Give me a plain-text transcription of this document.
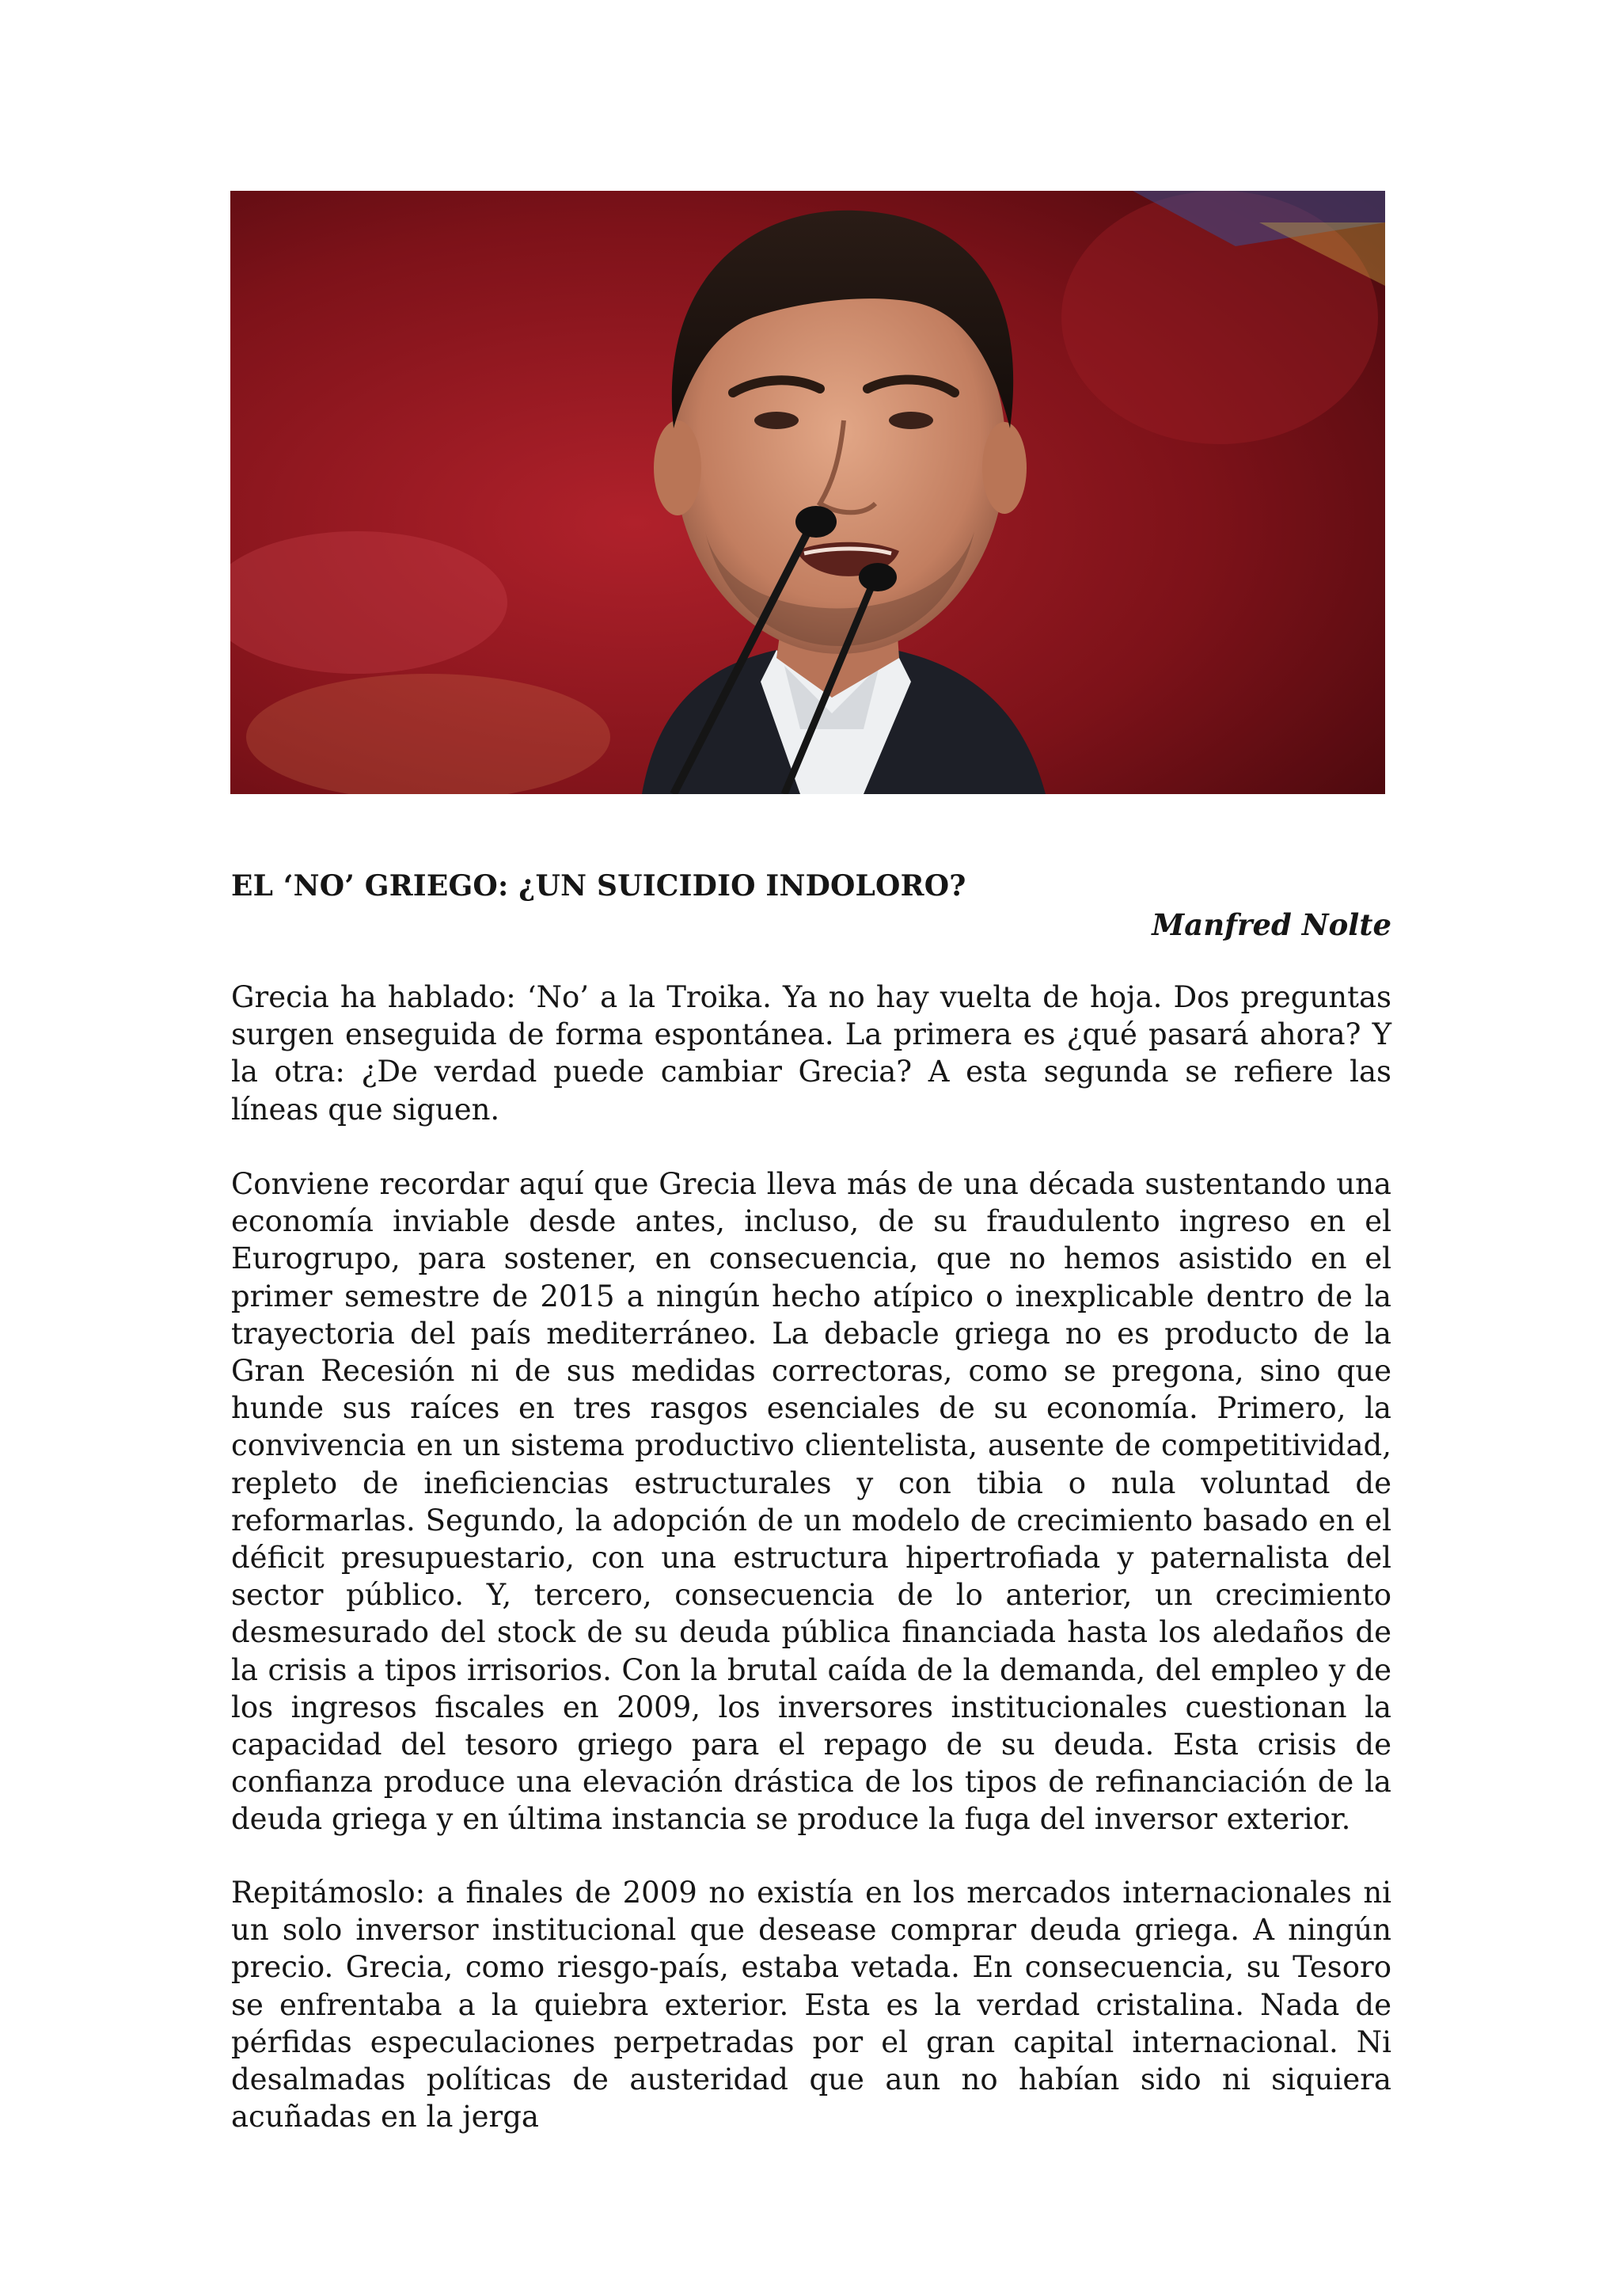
EL ‘NO’ GRIEGO: ¿UN SUICIDIO INDOLORO?

Manfred Nolte

Grecia ha hablado: ‘No’ a la Troika. Ya no hay vuelta de hoja. Dos preguntas surgen enseguida de forma espontánea. La primera es ¿qué pasará ahora? Y la otra: ¿De verdad puede cambiar Grecia? A esta segunda se refiere las líneas que siguen.

Conviene recordar aquí que Grecia lleva más de una década sustentando una economía inviable desde antes, incluso, de su fraudulento ingreso en el Eurogrupo, para sostener, en consecuencia, que no hemos asistido en el primer semestre de 2015 a ningún hecho atípico o inexplicable dentro de la trayectoria del país mediterráneo. La debacle griega no es producto de la Gran Recesión ni de sus medidas correctoras, como se pregona, sino que hunde sus raíces en tres rasgos esenciales de su economía. Primero, la convivencia en un sistema productivo clientelista, ausente de competitividad, repleto de ineficiencias estructurales y con tibia o nula voluntad de reformarlas. Segundo, la adopción de un modelo de crecimiento basado en el déficit presupuestario, con una estructura hipertrofiada y paternalista del sector público. Y, tercero, consecuencia de lo anterior, un crecimiento desmesurado del stock de su deuda pública financiada hasta los aledaños de la crisis a tipos irrisorios. Con la brutal caída de la demanda, del empleo y de los ingresos fiscales en 2009, los inversores institucionales cuestionan la capacidad del tesoro griego para el repago de su deuda. Esta crisis de confianza produce una elevación drástica de los tipos de refinanciación de la deuda griega y en última instancia se produce la fuga del inversor exterior.

Repitámoslo: a finales de 2009 no existía en los mercados internacionales ni un solo inversor institucional que desease comprar deuda griega. A ningún precio. Grecia, como riesgo-país, estaba vetada. En consecuencia, su Tesoro se enfrentaba a la quiebra exterior. Esta es la verdad cristalina. Nada de pérfidas especulaciones perpetradas por el gran capital internacional. Ni desalmadas políticas de austeridad que aun no habían sido ni siquiera acuñadas en la jerga
